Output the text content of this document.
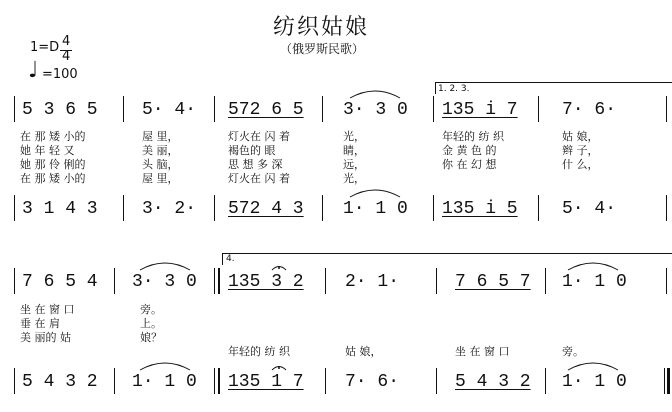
纺织姑娘
（俄罗斯民歌）
1=D 4
4
♩ =100
1. 2. 3.
5 3 6 5 5· 4· 572 6 5 3· 3 0 135 i 7 7· 6·
在 那 矮 小的	屋 里，	灯火在 闪 着	光，	年轻的 纺 织	姑 娘，
她 年 轻 又	美 丽，	褐色的 眼	睛，	金 黄 色 的	辫 子，
她 那 伶 俐的	头 脑，	思 想 多 深	远，	你 在 幻 想	什 么，
在 那 矮 小的	屋 里，	灯火在 闪 着	光，
3 1 4 3 3· 2· 572 4 3 1· 1 0 135 i 5 5· 4·
4.
7 6 5 4 3· 3 0 135 3 2 2· 1·	7 6 5 7 1· 1 0
坐 在 窗 口	旁。
垂 在 肩	上。
美 丽的 姑	娘？
年轻的 纺 织	姑 娘，	坐 在 窗 口	旁。
5 4 3 2 1· 1 0 135 1 7 7· 6·	5 4 3 2 1· 1 0
